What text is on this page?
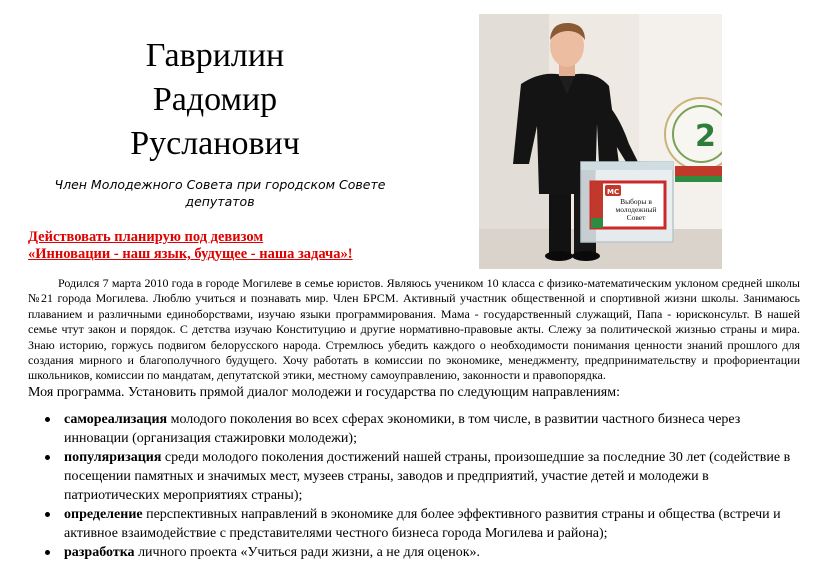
Гаврилин
Радомир
Русланович
Член Молодежного Совета при городском Совете депутатов
Действовать планирую под девизом
«Инновации - наш язык, будущее - наша задача»!
2
МС
Выборы в молодежный Совет

Родился 7 марта 2010 года в городе Могилеве в семье юристов. Являюсь учеником 10 класса с физико-математическим уклоном средней школы №21 города Могилева. Люблю учиться и познавать мир. Член БРСМ. Активный участник общественной и спортивной жизни школы. Занимаюсь плаванием и различными единоборствами, изучаю языки программирования. Мама - государственный служащий, Папа - юрисконсульт. В нашей семье чтут закон и порядок. С детства изучаю Конституцию и другие нормативно-правовые акты. Слежу за политической жизнью страны и мира. Знаю историю, горжусь подвигом белорусского народа. Стремлюсь убедить каждого о необходимости понимания ценности знаний прошлого для создания мирного и благополучного будущего. Хочу работать в комиссии по экономике, менеджменту, предпринимательству и профориентации школьников, комиссии по мандатам, депутатской этики, местному самоуправлению, законности и правопорядка.

Моя программа. Установить прямой диалог молодежи и государства по следующим направлениям:
самореализация молодого поколения во всех сферах экономики, в том числе, в развитии частного бизнеса через инновации (организация стажировки молодежи);
популяризация среди молодого поколения достижений нашей страны, произошедшие за последние 30 лет (содействие в посещении памятных и значимых мест, музеев страны, заводов и предприятий, участие детей и молодежи в патриотических мероприятиях страны);
определение перспективных направлений в экономике для более эффективного развития страны и общества (встречи и активное взаимодействие с представителями честного бизнеса города Могилева и района);
разработка личного проекта «Учиться ради жизни, а не для оценок».
